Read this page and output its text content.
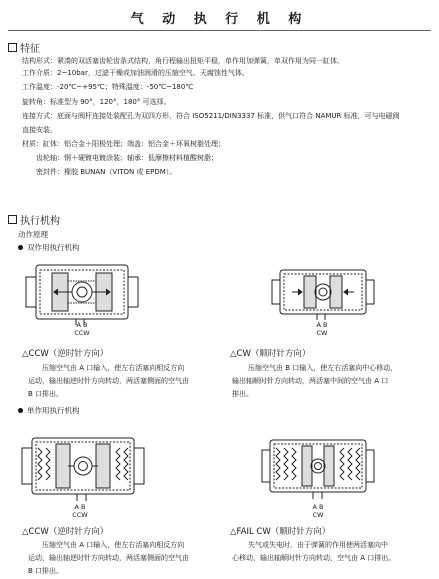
气 动 执 行 机 构
特征
结构形式：紧凑的双活塞齿轮齿条式结构，角行程输出扭矩平稳，单作用加弹簧，单双作用为同一缸体。
工作介质：2~10bar，过滤干燥或加油润滑的压缩空气、天腐蚀性气体。
工作温度：-20℃~+95℃；特殊温度：-50℃~180℃
旋转角：标准型为 90°，120°，180° 可选择。
连接方式：底面与阀杆连接处装配孔为双四方形，符合 ISO5211/DIN3337 标准，供气口符合 NAMUR 标准，可与电磁阀
直接安装。
材质：缸体：铝合金＋阳极处理；端盖：铝合金＋环氧树脂处理；
齿轮轴：钢＋硬镀电镀涂装；轴承：低摩擦材料植酸树脂；
密封件：橡胶 BUNAN（VITON 或 EPDM）。
执行机构
动作原理
双作用执行机构
A B
CCW
A B
CW
△CCW（逆时针方向）
压缩空气由 A 口输入，使左右活塞向相反方向
运动，输出轴逆时针方向转动，两活塞侧面的空气由
B 口排出。
△CW（顺时针方向）
压缩空气由 B 口输入，使左右活塞向中心移动，
输出轴顺时针方向转动，两活塞中间的空气由 A 口
排出。
单作用执行机构
A B
CCW
A B
CW
△CCW（逆时针方向）
压缩空气由 A 口输入，使左右活塞向相反方向
运动，输出轴逆时针方向转动，两活塞侧面的空气由
B 口排出。
△FAIL CW（顺时针方向）
失气或失电时，由于弹簧的作用使两活塞向中
心移动，输出轴顺时针方向转动，空气由 A 口排出。
